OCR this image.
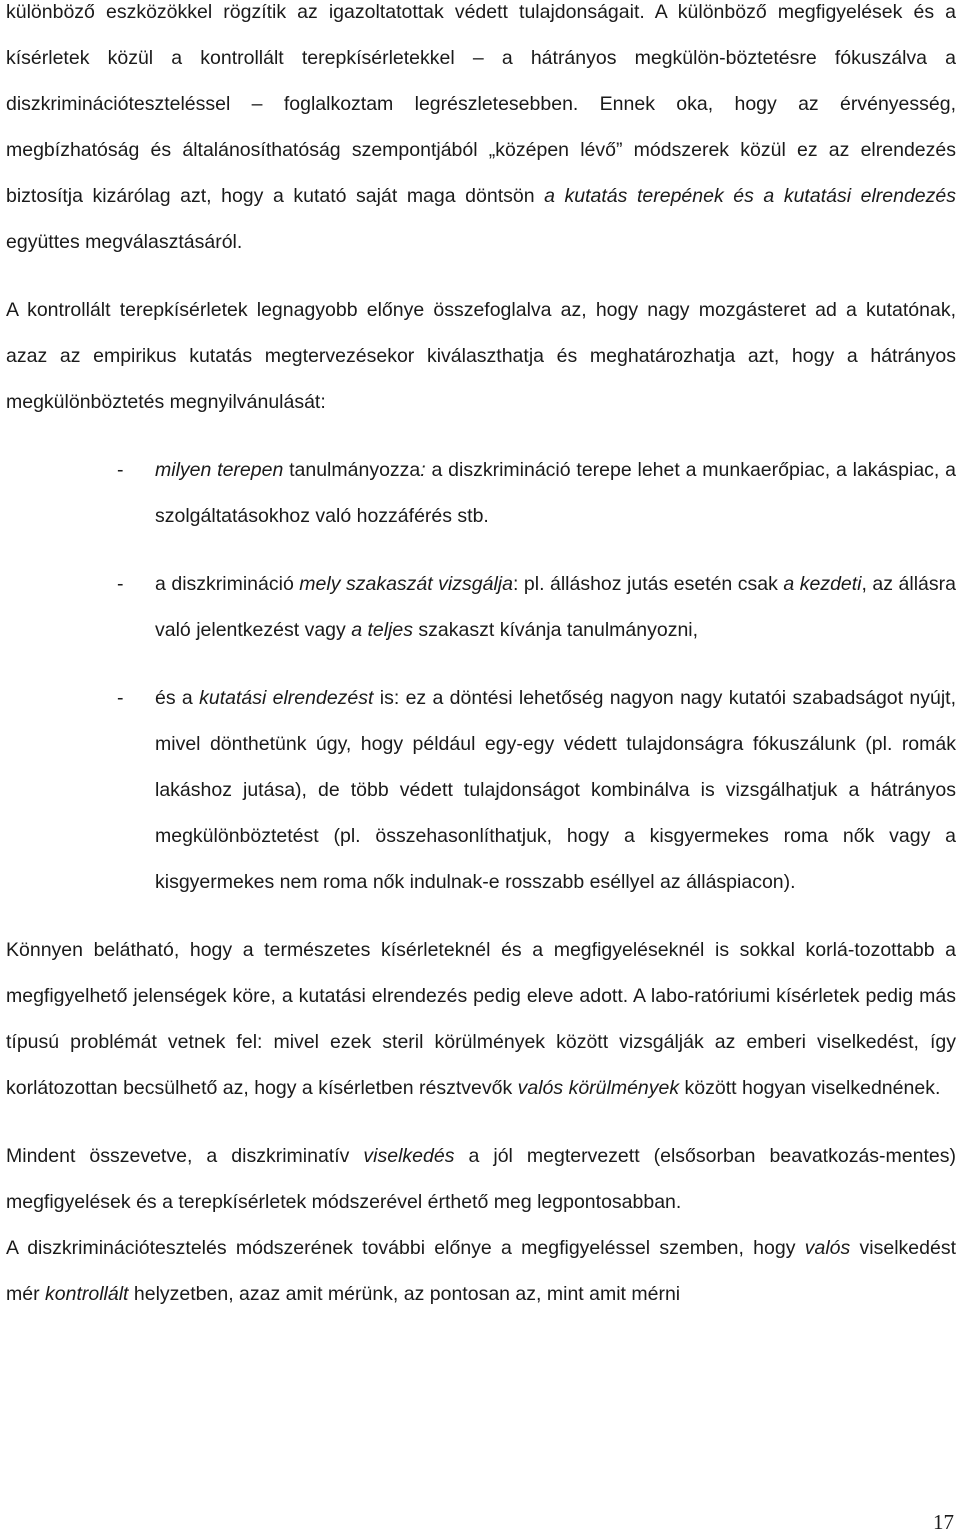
különböző eszközökkel rögzítik az igazoltatottak védett tulajdonságait. A különböző megfigyelések és a kísérletek közül a kontrollált terepkísérletekkel – a hátrányos megkülön-böztetésre fókuszálva a diszkriminációteszteléssel – foglalkoztam legrészletesebben. Ennek oka, hogy az érvényesség, megbízhatóság és általánosíthatóság szempontjából „középen lévő” módszerek közül ez az elrendezés biztosítja kizárólag azt, hogy a kutató saját maga döntsön a kutatás terepének és a kutatási elrendezés együttes megválasztásáról.

A kontrollált terepkísérletek legnagyobb előnye összefoglalva az, hogy nagy mozgásteret ad a kutatónak, azaz az empirikus kutatás megtervezésekor kiválaszthatja és meghatározhatja azt, hogy a hátrányos megkülönböztetés megnyilvánulását:

- milyen terepen tanulmányozza: a diszkrimináció terepe lehet a munkaerőpiac, a lakáspiac, a szolgáltatásokhoz való hozzáférés stb.
- a diszkrimináció mely szakaszát vizsgálja: pl. álláshoz jutás esetén csak a kezdeti, az állásra való jelentkezést vagy a teljes szakaszt kívánja tanulmányozni,
- és a kutatási elrendezést is: ez a döntési lehetőség nagyon nagy kutatói szabadságot nyújt, mivel dönthetünk úgy, hogy például egy-egy védett tulajdonságra fókuszálunk (pl. romák lakáshoz jutása), de több védett tulajdonságot kombinálva is vizsgálhatjuk a hátrányos megkülönböztetést (pl. összehasonlíthatjuk, hogy a kisgyermekes roma nők vagy a kisgyermekes nem roma nők indulnak-e rosszabb eséllyel az álláspiacon).

Könnyen belátható, hogy a természetes kísérleteknél és a megfigyeléseknél is sokkal korlá-tozottabb a megfigyelhető jelenségek köre, a kutatási elrendezés pedig eleve adott. A labo-ratóriumi kísérletek pedig más típusú problémát vetnek fel: mivel ezek steril körülmények között vizsgálják az emberi viselkedést, így korlátozottan becsülhető az, hogy a kísérletben résztvevők valós körülmények között hogyan viselkednének.

Mindent összevetve, a diszkriminatív viselkedés a jól megtervezett (elsősorban beavatkozás-mentes) megfigyelések és a terepkísérletek módszerével érthető meg legpontosabban.

A diszkriminációtesztelés módszerének további előnye a megfigyeléssel szemben, hogy valós viselkedést mér kontrollált helyzetben, azaz amit mérünk, az pontosan az, mint amit mérni

17
